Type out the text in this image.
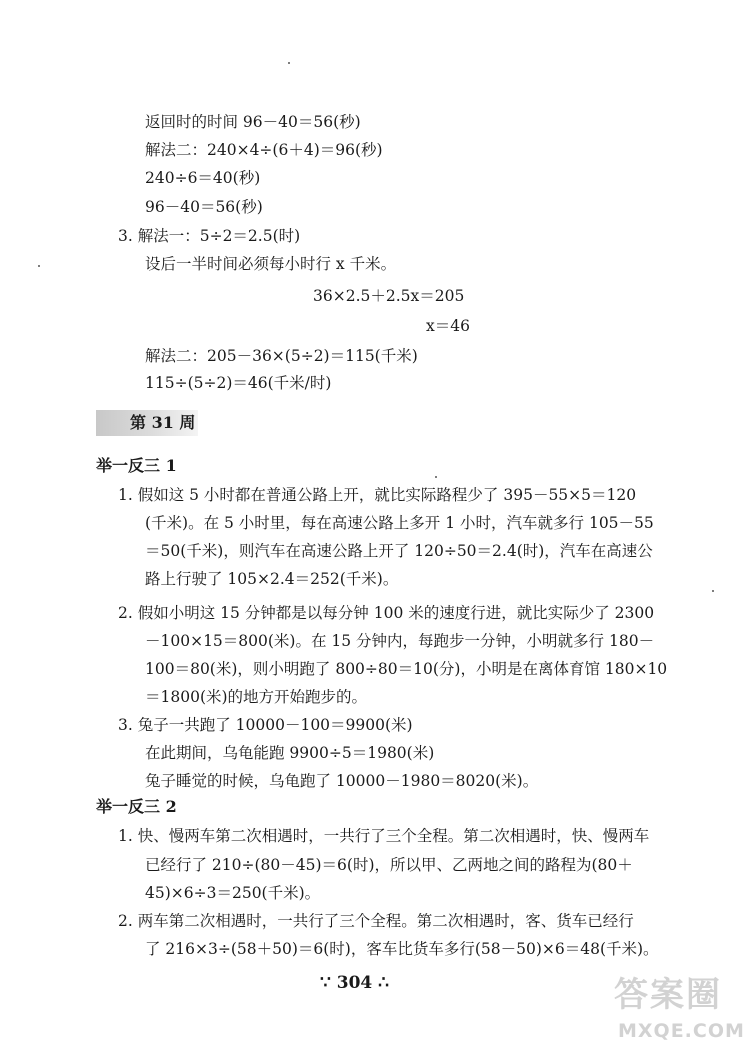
返回时的时间 96－40＝56(秒)
解法二：240×4÷(6＋4)＝96(秒)
240÷6＝40(秒)
96－40＝56(秒)
3. 解法一：5÷2＝2.5(时)
设后一半时间必须每小时行 x 千米。
36×2.5＋2.5x＝205
x＝46
解法二：205－36×(5÷2)＝115(千米)
115÷(5÷2)＝46(千米/时)
第 31 周
举一反三 1
1. 假如这 5 小时都在普通公路上开，就比实际路程少了 395－55×5＝120
(千米)。在 5 小时里，每在高速公路上多开 1 小时，汽车就多行 105－55
＝50(千米)，则汽车在高速公路上开了 120÷50＝2.4(时)，汽车在高速公
路上行驶了 105×2.4＝252(千米)。
2. 假如小明这 15 分钟都是以每分钟 100 米的速度行进，就比实际少了 2300
－100×15＝800(米)。在 15 分钟内，每跑步一分钟，小明就多行 180－
100＝80(米)，则小明跑了 800÷80＝10(分)，小明是在离体育馆 180×10
＝1800(米)的地方开始跑步的。
3. 兔子一共跑了 10000－100＝9900(米)
在此期间，乌龟能跑 9900÷5＝1980(米)
兔子睡觉的时候，乌龟跑了 10000－1980＝8020(米)。
举一反三 2
1. 快、慢两车第二次相遇时，一共行了三个全程。第二次相遇时，快、慢两车
已经行了 210÷(80－45)＝6(时)，所以甲、乙两地之间的路程为(80＋
45)×6÷3＝250(千米)。
2. 两车第二次相遇时，一共行了三个全程。第二次相遇时，客、货车已经行
了 216×3÷(58＋50)＝6(时)，客车比货车多行(58－50)×6＝48(千米)。
∵ 304 ∴	答案圈
MXQE.COM
